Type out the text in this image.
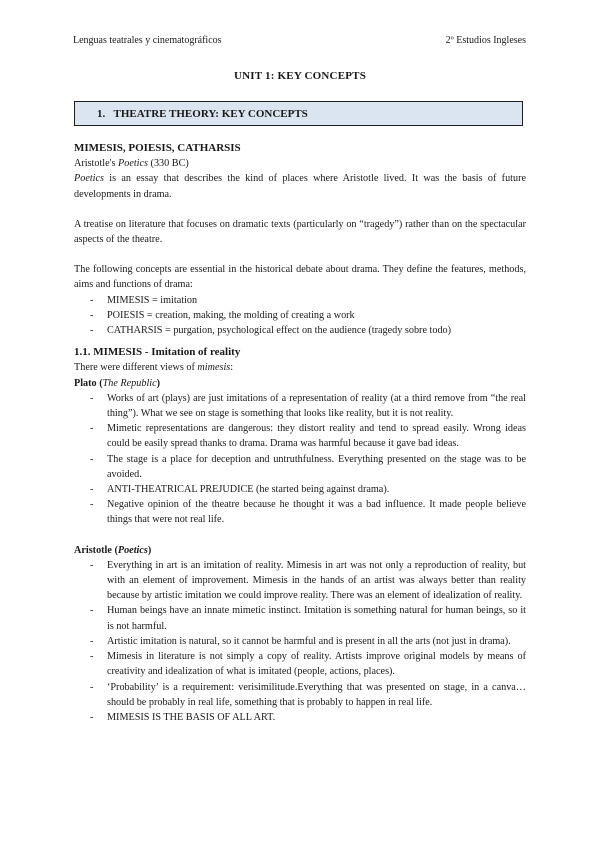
Lenguas teatrales y cinematográficos	2º Estudios Ingleses
UNIT 1: KEY CONCEPTS
1. THEATRE THEORY: KEY CONCEPTS

MIMESIS, POIESIS, CATHARSIS

Aristotle's Poetics (330 BC)

Poetics is an essay that describes the kind of places where Aristotle lived. It was the basis of future developments in drama.

A treatise on literature that focuses on dramatic texts (particularly on “tragedy”) rather than on the spectacular aspects of the theatre.

The following concepts are essential in the historical debate about drama. They define the features, methods, aims and functions of drama:

- MIMESIS = imitation
- POIESIS = creation, making, the molding of creating a work
- CATHARSIS = purgation, psychological effect on the audience (tragedy sobre todo)

1.1. MIMESIS - Imitation of reality

There were different views of mimesis:

Plato (The Republic)

- Works of art (plays) are just imitations of a representation of reality (at a third remove from “the real thing”). What we see on stage is something that looks like reality, but it is not reality.
- Mimetic representations are dangerous: they distort reality and tend to spread easily. Wrong ideas could be easily spread thanks to drama. Drama was harmful because it gave bad ideas.
- The stage is a place for deception and untruthfulness. Everything presented on the stage was to be avoided.
- ANTI-THEATRICAL PREJUDICE (he started being against drama).
- Negative opinion of the theatre because he thought it was a bad influence. It made people believe things that were not real life.

Aristotle (Poetics)

- Everything in art is an imitation of reality. Mimesis in art was not only a reproduction of reality, but with an element of improvement. Mimesis in the hands of an artist was always better than reality because by artistic imitation we could improve reality. There was an element of idealization of reality.
- Human beings have an innate mimetic instinct. Imitation is something natural for human beings, so it is not harmful.
- Artistic imitation is natural, so it cannot be harmful and is present in all the arts (not just in drama).
- Mimesis in literature is not simply a copy of reality. Artists improve original models by means of creativity and idealization of what is imitated (people, actions, places).
- ‘Probability’ is a requirement: verisimilitude.Everything that was presented on stage, in a canva… should be probably in real life, something that is probably to happen in real life.
- MIMESIS IS THE BASIS OF ALL ART.
